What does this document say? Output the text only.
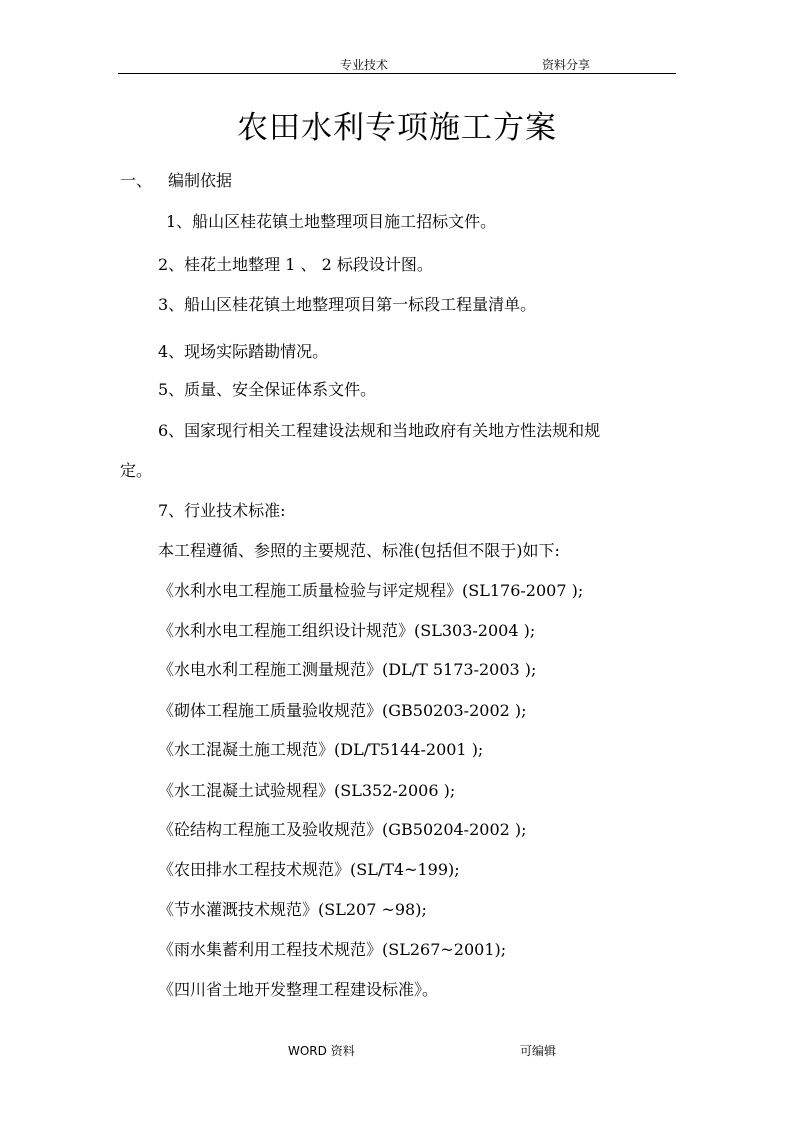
专业技术	资料分享
农田水利专项施工方案
一、 编制依据
1、船山区桂花镇土地整理项目施工招标文件。
2、桂花土地整理 1 、 2 标段设计图。
3、船山区桂花镇土地整理项目第一标段工程量清单。
4、现场实际踏勘情况。
5、质量、安全保证体系文件。
6、国家现行相关工程建设法规和当地政府有关地方性法规和规
定。
7、行业技术标准:
本工程遵循、参照的主要规范、标准(包括但不限于)如下:
《水利水电工程施工质量检验与评定规程》(SL176-2007 );
《水利水电工程施工组织设计规范》(SL303-2004 );
《水电水利工程施工测量规范》(DL/T 5173-2003 );
《砌体工程施工质量验收规范》(GB50203-2002 );
《水工混凝土施工规范》(DL/T5144-2001 );
《水工混凝土试验规程》(SL352-2006 );
《砼结构工程施工及验收规范》(GB50204-2002 );
《农田排水工程技术规范》(SL/T4~199);
《节水灌溉技术规范》(SL207 ~98);
《雨水集蓄利用工程技术规范》(SL267~2001);
《四川省土地开发整理工程建设标准》。
WORD 资料	可编辑
